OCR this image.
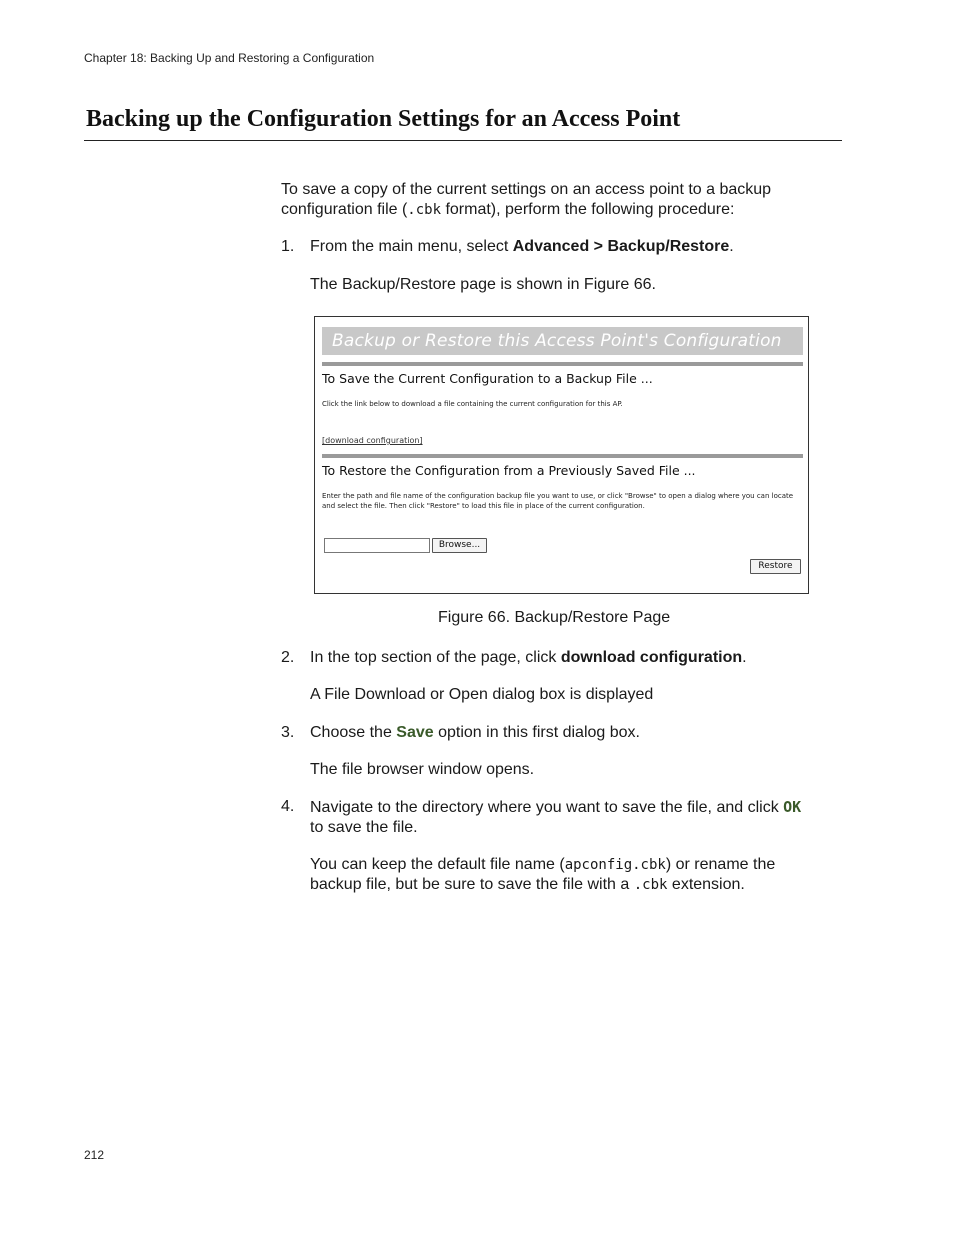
Chapter 18: Backing Up and Restoring a Configuration
Backing up the Configuration Settings for an Access Point
To save a copy of the current settings on an access point to a backup
configuration file (.cbk format), perform the following procedure:
1. From the main menu, select Advanced > Backup/Restore.
The Backup/Restore page is shown in Figure 66.
Backup or Restore this Access Point's Configuration
To Save the Current Configuration to a Backup File ...
Click the link below to download a file containing the current configuration for this AP.
[download configuration]
To Restore the Configuration from a Previously Saved File ...
Enter the path and file name of the configuration backup file you want to use, or click "Browse" to open a dialog where you can locate and select the file. Then click "Restore" to load this file in place of the current configuration.
Browse...
Restore
Figure 66. Backup/Restore Page
2. In the top section of the page, click download configuration.
A File Download or Open dialog box is displayed
3. Choose the Save option in this first dialog box.
The file browser window opens.
4. Navigate to the directory where you want to save the file, and click OK
to save the file.
You can keep the default file name (apconfig.cbk) or rename the
backup file, but be sure to save the file with a .cbk extension.
212
